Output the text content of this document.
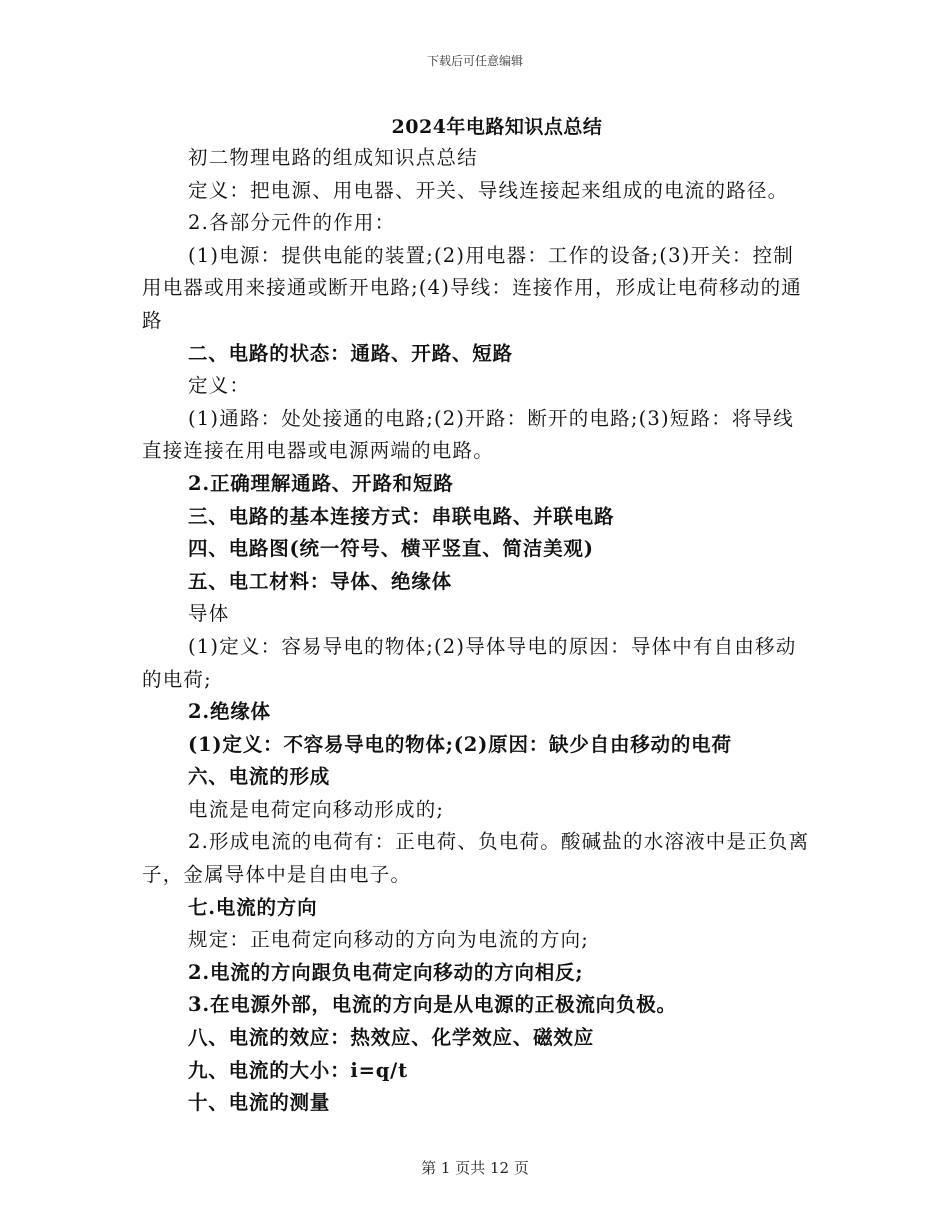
下载后可任意编辑
2024年电路知识点总结

初二物理电路的组成知识点总结

定义：把电源、用电器、开关、导线连接起来组成的电流的路径。

2.各部分元件的作用：

(1)电源：提供电能的装置;(2)用电器：工作的设备;(3)开关：控制用电器或用来接通或断开电路;(4)导线：连接作用，形成让电荷移动的通路

二、电路的状态：通路、开路、短路

定义：

(1)通路：处处接通的电路;(2)开路：断开的电路;(3)短路：将导线直接连接在用电器或电源两端的电路。

2.正确理解通路、开路和短路

三、电路的基本连接方式：串联电路、并联电路

四、电路图(统一符号、横平竖直、简洁美观)

五、电工材料：导体、绝缘体

导体

(1)定义：容易导电的物体;(2)导体导电的原因：导体中有自由移动的电荷;

2.绝缘体

(1)定义：不容易导电的物体;(2)原因：缺少自由移动的电荷

六、电流的形成

电流是电荷定向移动形成的;

2.形成电流的电荷有：正电荷、负电荷。酸碱盐的水溶液中是正负离子，金属导体中是自由电子。

七.电流的方向

规定：正电荷定向移动的方向为电流的方向;

2.电流的方向跟负电荷定向移动的方向相反;

3.在电源外部，电流的方向是从电源的正极流向负极。

八、电流的效应：热效应、化学效应、磁效应

九、电流的大小：i=q/t

十、电流的测量

第 1 页共 12 页
